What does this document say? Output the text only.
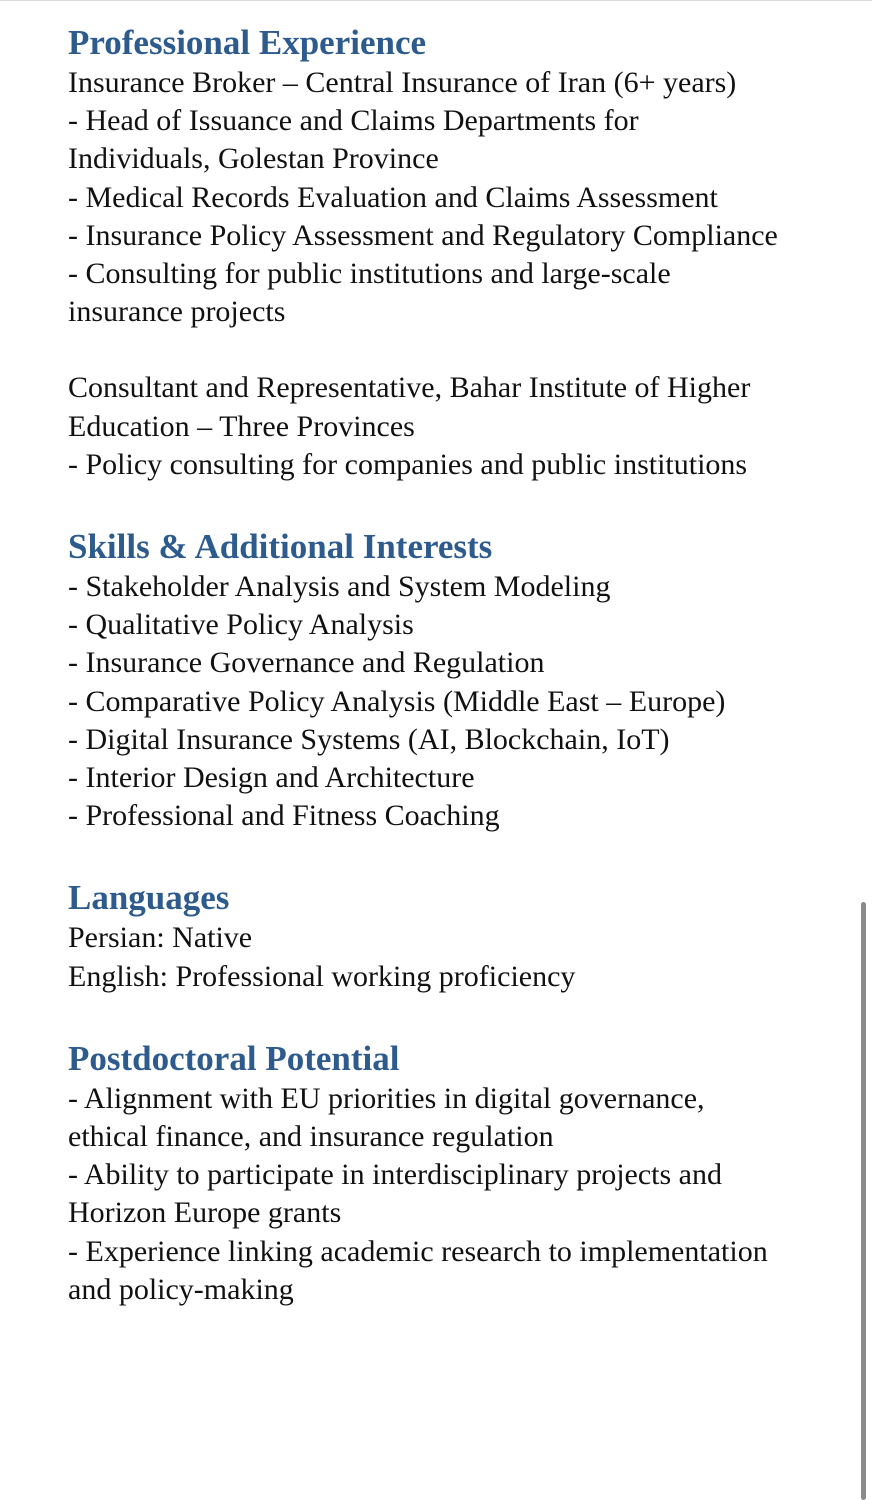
Professional Experience

Insurance Broker – Central Insurance of Iran (6+ years)

- Head of Issuance and Claims Departments for

Individuals, Golestan Province

- Medical Records Evaluation and Claims Assessment

- Insurance Policy Assessment and Regulatory Compliance

- Consulting for public institutions and large-scale

insurance projects

Consultant and Representative, Bahar Institute of Higher

Education – Three Provinces

- Policy consulting for companies and public institutions

Skills & Additional Interests

- Stakeholder Analysis and System Modeling

- Qualitative Policy Analysis

- Insurance Governance and Regulation

- Comparative Policy Analysis (Middle East – Europe)

- Digital Insurance Systems (AI, Blockchain, IoT)

- Interior Design and Architecture

- Professional and Fitness Coaching

Languages

Persian: Native

English: Professional working proficiency

Postdoctoral Potential

- Alignment with EU priorities in digital governance,

ethical finance, and insurance regulation

- Ability to participate in interdisciplinary projects and

Horizon Europe grants

- Experience linking academic research to implementation

and policy-making
